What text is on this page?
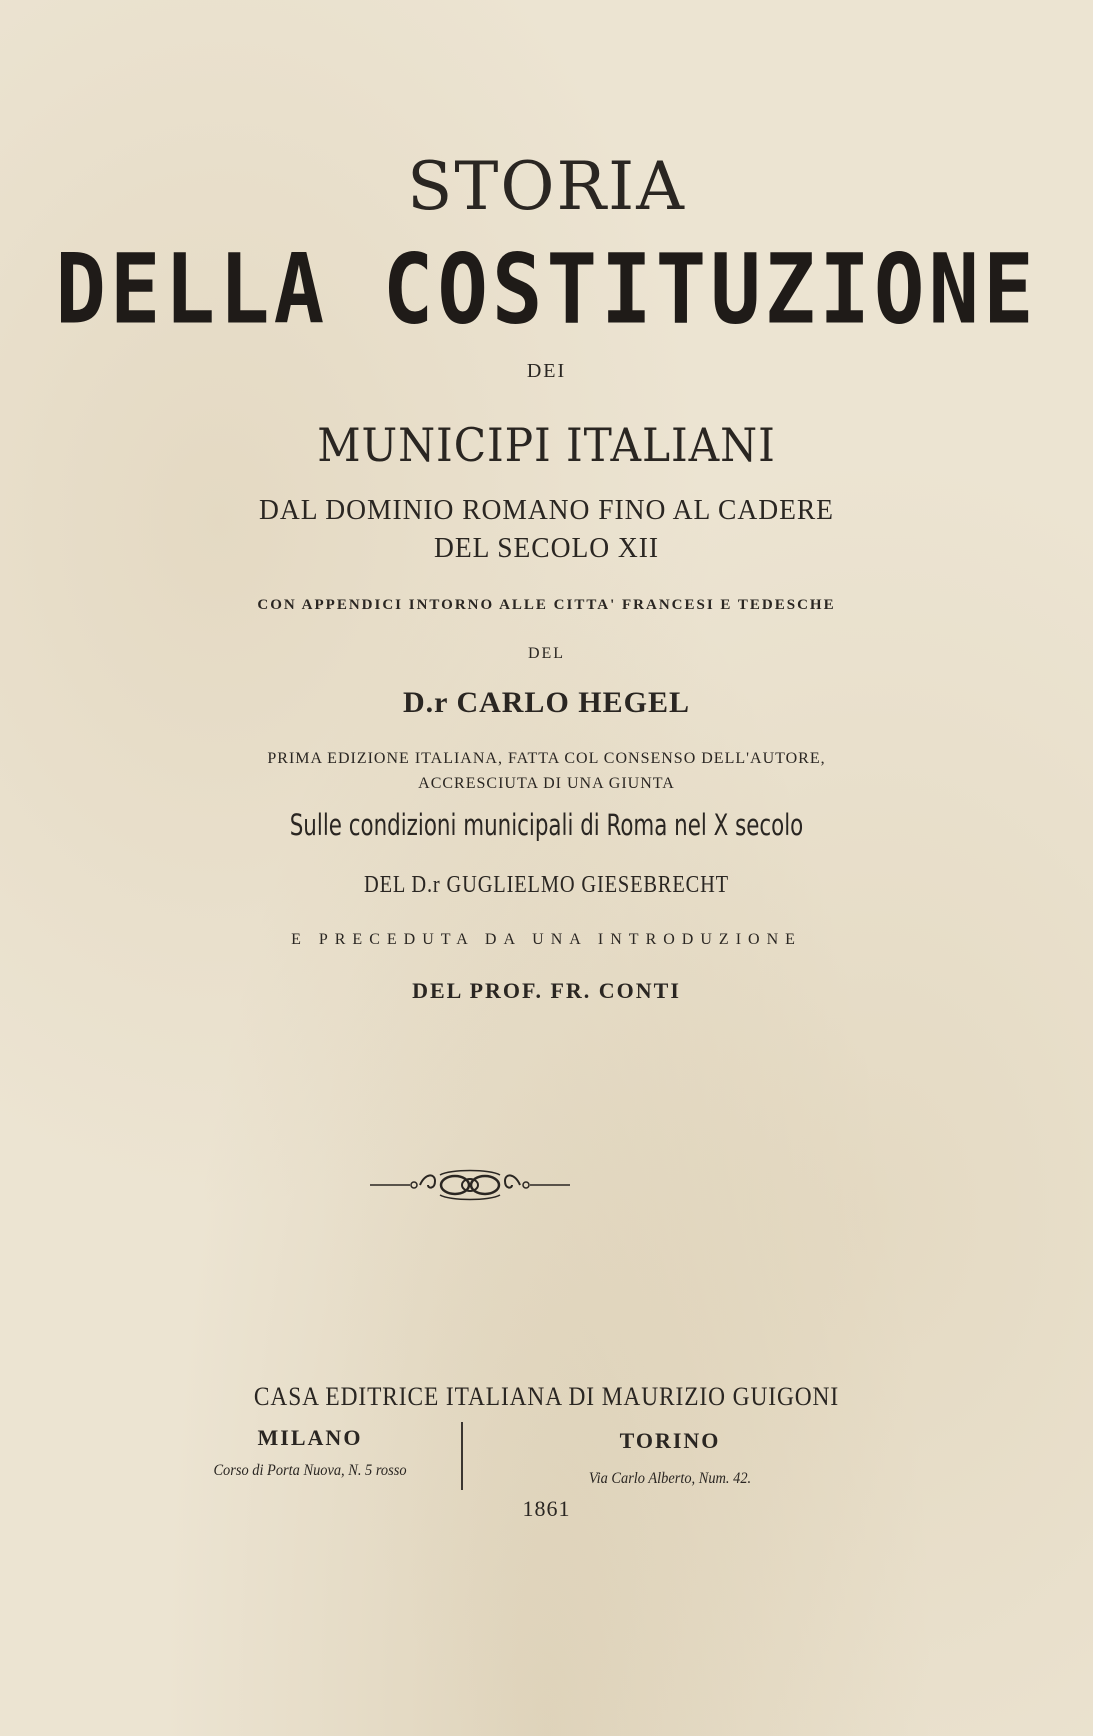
STORIA
DELLA COSTITUZIONE
DEI
MUNICIPI ITALIANI
DAL DOMINIO ROMANO FINO AL CADERE
DEL SECOLO XII
CON APPENDICI INTORNO ALLE CITTA' FRANCESI E TEDESCHE
DEL
D.r CARLO HEGEL
PRIMA EDIZIONE ITALIANA, FATTA COL CONSENSO DELL'AUTORE,
ACCRESCIUTA DI UNA GIUNTA
Sulle condizioni municipali di Roma nel X secolo
DEL D.r GUGLIELMO GIESEBRECHT
E PRECEDUTA DA UNA INTRODUZIONE
DEL PROF. FR. CONTI
CASA EDITRICE ITALIANA DI MAURIZIO GUIGONI
MILANO
Corso di Porta Nuova, N. 5 rosso
TORINO
Via Carlo Alberto, Num. 42.
1861
